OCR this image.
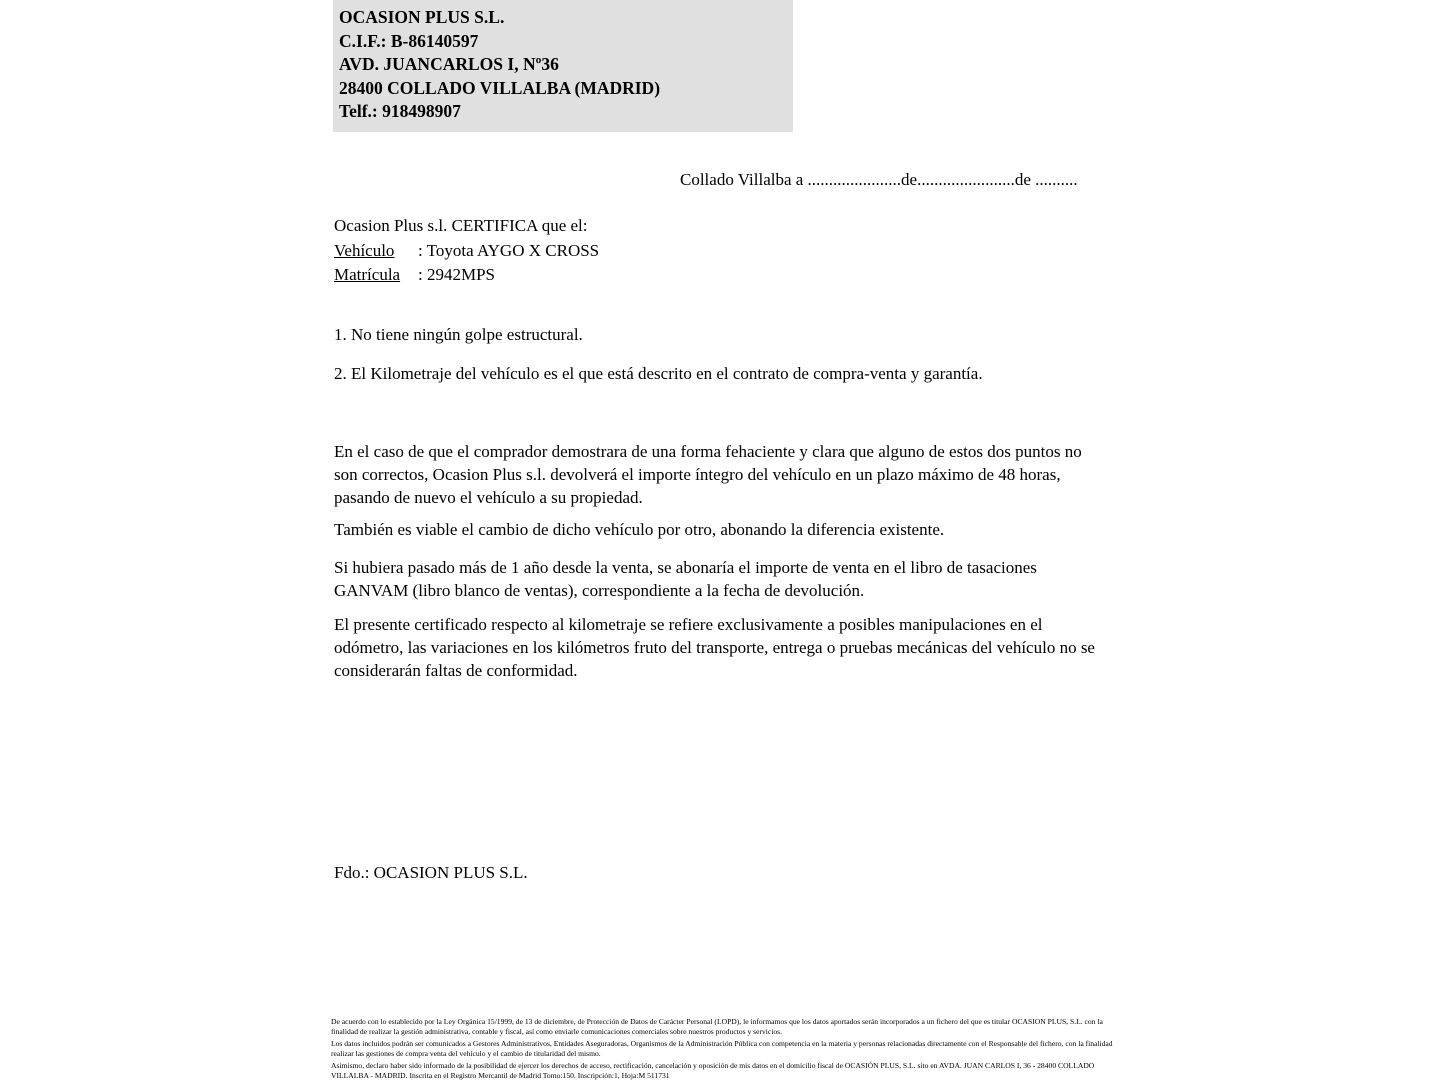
OCASION PLUS S.L.
C.I.F.: B-86140597
AVD. JUANCARLOS I, Nº36
28400 COLLADO VILLALBA (MADRID)
Telf.: 918498907
Collado Villalba a ......................de.......................de ..........
Ocasion Plus s.l. CERTIFICA que el:
Vehículo : Toyota AYGO X CROSS
Matrícula : 2942MPS
1. No tiene ningún golpe estructural.
2. El Kilometraje del vehículo es el que está descrito en el contrato de compra-venta y garantía.
En el caso de que el comprador demostrara de una forma fehaciente y clara que alguno de estos dos puntos no son correctos, Ocasion Plus s.l. devolverá el importe íntegro del vehículo en un plazo máximo de 48 horas, pasando de nuevo el vehículo a su propiedad.
También es viable el cambio de dicho vehículo por otro, abonando la diferencia existente.
Si hubiera pasado más de 1 año desde la venta, se abonaría el importe de venta en el libro de tasaciones GANVAM (libro blanco de ventas), correspondiente a la fecha de devolución.
El presente certificado respecto al kilometraje se refiere exclusivamente a posibles manipulaciones en el odómetro, las variaciones en los kilómetros fruto del transporte, entrega o pruebas mecánicas del vehículo no se considerarán faltas de conformidad.
Fdo.: OCASION PLUS S.L.

De acuerdo con lo establecido por la Ley Orgánica 15/1999, de 13 de diciembre, de Protección de Datos de Carácter Personal (LOPD), le informamos que los datos aportados serán incorporados a un fichero del que es titular OCASION PLUS, S.L. con la finalidad de realizar la gestión administrativa, contable y fiscal, así como enviarle comunicaciones comerciales sobre nuestros productos y servicios.

Los datos incluidos podrán ser comunicados a Gestores Administrativos, Entidades Aseguradoras, Organismos de la Administración Pública con competencia en la materia y personas relacionadas directamente con el Responsable del fichero, con la finalidad realizar las gestiones de compra venta del vehículo y el cambio de titularidad del mismo.

Asimismo, declaro haber sido informado de la posibilidad de ejercer los derechos de acceso, rectificación, cancelación y oposición de mis datos en el domicilio fiscal de OCASIÓN PLUS, S.L. sito en AVDA. JUAN CARLOS I, 36 - 28400 COLLADO VILLALBA - MADRID. Inscrita en el Registro Mercantil de Madrid Tomo:150. Inscripción:1, Hoja:M 511731
